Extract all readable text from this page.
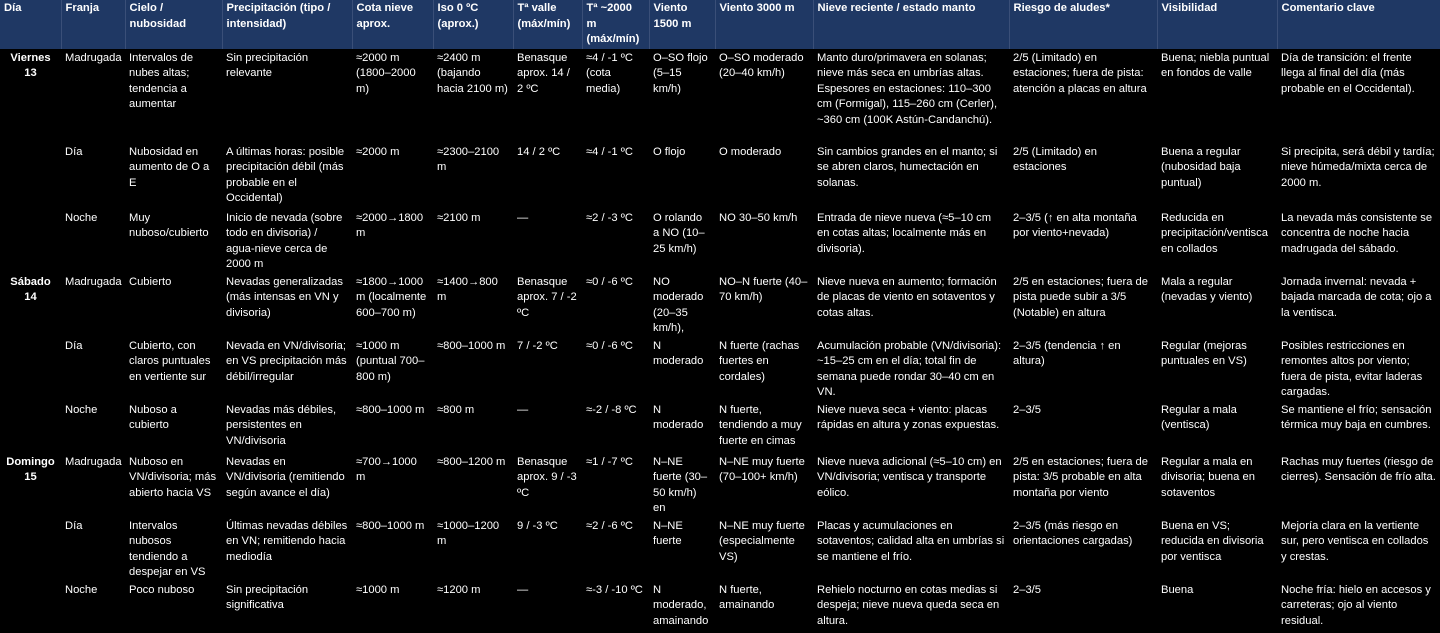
Día	Franja	Cielo / nubosidad	Precipitación (tipo / intensidad)	Cota nieve aprox.	Iso 0 ºC (aprox.)	Tª valle (máx/mín)	Tª ~2000 m (máx/mín)	Viento 1500 m	Viento 3000 m	Nieve reciente / estado manto	Riesgo de aludes*	Visibilidad	Comentario clave
Viernes 13	Madrugada	Intervalos de nubes altas; tendencia a aumentar	Sin precipitación relevante	≈2000 m (1800–2000 m)	≈2400 m (bajando hacia 2100 m)	Benasque aprox. 14 / 2 ºC	≈4 / -1 ºC (cota media)	O–SO flojo (5–15 km/h)	O–SO moderado (20–40 km/h)	Manto duro/primavera en solanas; nieve más seca en umbrías altas. Espesores en estaciones: 110–300 cm (Formigal), 115–260 cm (Cerler), ~360 cm (100K Astún-Candanchú).	2/5 (Limitado) en estaciones; fuera de pista: atención a placas en altura	Buena; niebla puntual en fondos de valle	Día de transición: el frente llega al final del día (más probable en el Occidental).
	Día	Nubosidad en aumento de O a E	A últimas horas: posible precipitación débil (más probable en el Occidental)	≈2000 m	≈2300–2100 m	14 / 2 ºC	≈4 / -1 ºC	O flojo	O moderado	Sin cambios grandes en el manto; si se abren claros, humectación en solanas.	2/5 (Limitado) en estaciones	Buena a regular (nubosidad baja puntual)	Si precipita, será débil y tardía; nieve húmeda/mixta cerca de 2000 m.
	Noche	Muy nuboso/cubierto	Inicio de nevada (sobre todo en divisoria) / agua-nieve cerca de 2000 m	≈2000→1800 m	≈2100 m	—	≈2 / -3 ºC	O rolando a NO (10–25 km/h)	NO 30–50 km/h	Entrada de nieve nueva (≈5–10 cm en cotas altas; localmente más en divisoria).	2–3/5 (↑ en alta montaña por viento+nevada)	Reducida en precipitación/ventisca en collados	La nevada más consistente se concentra de noche hacia madrugada del sábado.
Sábado 14	Madrugada	Cubierto	Nevadas generalizadas (más intensas en VN y divisoria)	≈1800→1000 m (localmente 600–700 m)	≈1400→800 m	Benasque aprox. 7 / -2 ºC	≈0 / -6 ºC	NO moderado (20–35 km/h),	NO–N fuerte (40–70 km/h)	Nieve nueva en aumento; formación de placas de viento en sotaventos y cotas altas.	2/5 en estaciones; fuera de pista puede subir a 3/5 (Notable) en altura	Mala a regular (nevadas y viento)	Jornada invernal: nevada + bajada marcada de cota; ojo a la ventisca.
	Día	Cubierto, con claros puntuales en vertiente sur	Nevada en VN/divisoria; en VS precipitación más débil/irregular	≈1000 m (puntual 700–800 m)	≈800–1000 m	7 / -2 ºC	≈0 / -6 ºC	N moderado	N fuerte (rachas fuertes en cordales)	Acumulación probable (VN/divisoria): ~15–25 cm en el día; total fin de semana puede rondar 30–40 cm en VN.	2–3/5 (tendencia ↑ en altura)	Regular (mejoras puntuales en VS)	Posibles restricciones en remontes altos por viento; fuera de pista, evitar laderas cargadas.
	Noche	Nuboso a cubierto	Nevadas más débiles, persistentes en VN/divisoria	≈800–1000 m	≈800 m	—	≈-2 / -8 ºC	N moderado	N fuerte, tendiendo a muy fuerte en cimas	Nieve nueva seca + viento: placas rápidas en altura y zonas expuestas.	2–3/5	Regular a mala (ventisca)	Se mantiene el frío; sensación térmica muy baja en cumbres.
Domingo 15	Madrugada	Nuboso en VN/divisoria; más abierto hacia VS	Nevadas en VN/divisoria (remitiendo según avance el día)	≈700→1000 m	≈800–1200 m	Benasque aprox. 9 / -3 ºC	≈1 / -7 ºC	N–NE fuerte (30–50 km/h) en	N–NE muy fuerte (70–100+ km/h)	Nieve nueva adicional (≈5–10 cm) en VN/divisoria; ventisca y transporte eólico.	2/5 en estaciones; fuera de pista: 3/5 probable en alta montaña por viento	Regular a mala en divisoria; buena en sotaventos	Rachas muy fuertes (riesgo de cierres). Sensación de frío alta.
	Día	Intervalos nubosos tendiendo a despejar en VS	Últimas nevadas débiles en VN; remitiendo hacia mediodía	≈800–1000 m	≈1000–1200 m	9 / -3 ºC	≈2 / -6 ºC	N–NE fuerte	N–NE muy fuerte (especialmente VS)	Placas y acumulaciones en sotaventos; calidad alta en umbrías si se mantiene el frío.	2–3/5 (más riesgo en orientaciones cargadas)	Buena en VS; reducida en divisoria por ventisca	Mejoría clara en la vertiente sur, pero ventisca en collados y crestas.
	Noche	Poco nuboso	Sin precipitación significativa	≈1000 m	≈1200 m	—	≈-3 / -10 ºC	N moderado, amainando	N fuerte, amainando	Rehielo nocturno en cotas medias si despeja; nieve nueva queda seca en altura.	2–3/5	Buena	Noche fría: hielo en accesos y carreteras; ojo al viento residual.
